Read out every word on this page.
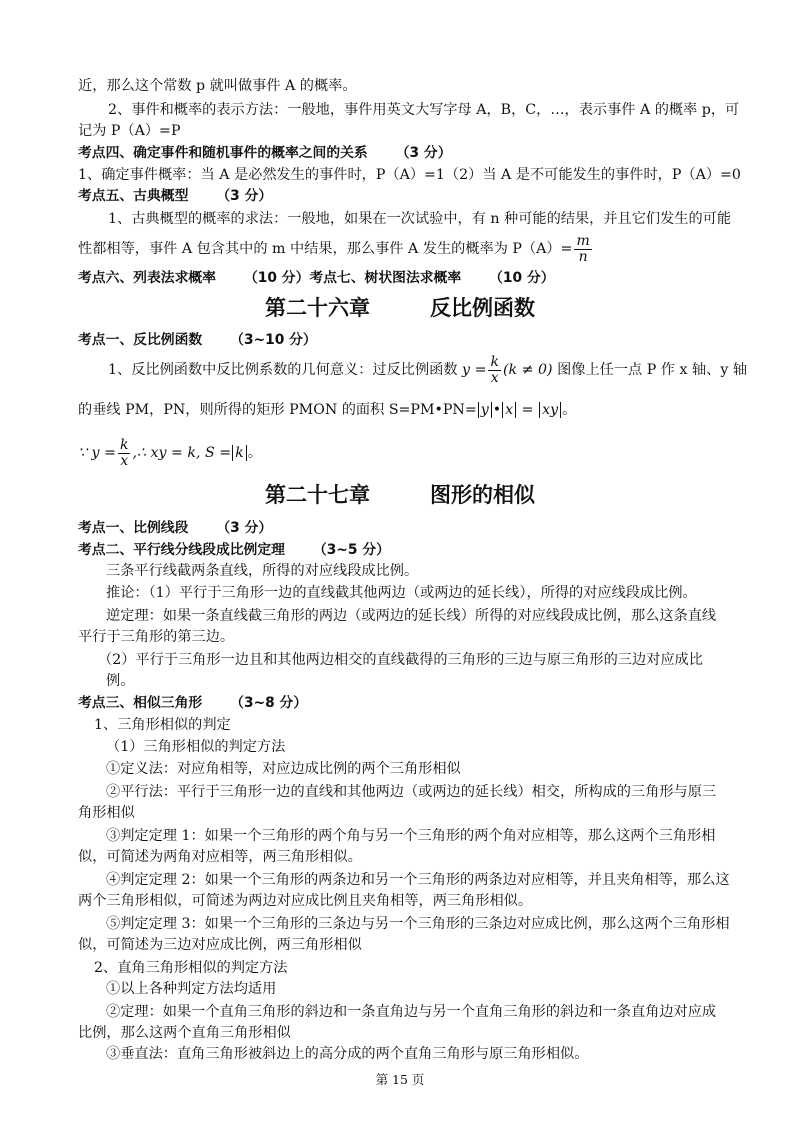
近，那么这个常数 p 就叫做事件 A 的概率。
2、事件和概率的表示方法：一般地，事件用英文大写字母 A，B，C，…，表示事件 A 的概率 p，可
记为 P（A）=P
考点四、确定事件和随机事件的概率之间的关系 （3 分）
1、确定事件概率：当 A 是必然发生的事件时，P（A）=1（2）当 A 是不可能发生的事件时，P（A）=0
考点五、古典概型 （3 分）
1、古典概型的概率的求法：一般地，如果在一次试验中，有 n 种可能的结果，并且它们发生的可能
性都相等，事件 A 包含其中的 m 中结果，那么事件 A 发生的概率为 $P(A)= \frac{m}{n}$
考点六、列表法求概率 （10 分）考点七、树状图法求概率 （10 分）
第二十六章	反比例函数
考点一、反比例函数 （3~10 分）
1、反比例函数中反比例系数的几何意义：过反比例函数 $y = \frac{k}{x} (k \ne 0)$ 图像上任一点 P 作 x 轴、y 轴
的垂线 PM，PN，则所得的矩形 PMON 的面积 S=PM•PN= y • x = xy 。
∵ $y = \frac{k}{x}$ ,∴ xy = k, S = k 。
第二十七章	图形的相似
考点一、比例线段 （3 分）
考点二、平行线分线段成比例定理 （3~5 分）
三条平行线截两条直线，所得的对应线段成比例。
推论：（1）平行于三角形一边的直线截其他两边（或两边的延长线），所得的对应线段成比例。
逆定理：如果一条直线截三角形的两边（或两边的延长线）所得的对应线段成比例，那么这条直线
平行于三角形的第三边。
（2）平行于三角形一边且和其他两边相交的直线截得的三角形的三边与原三角形的三边对应成比
例。
考点三、相似三角形 （3~8 分）
1、三角形相似的判定
（1）三角形相似的判定方法
①定义法：对应角相等，对应边成比例的两个三角形相似
②平行法：平行于三角形一边的直线和其他两边（或两边的延长线）相交，所构成的三角形与原三
角形相似
③判定定理 1：如果一个三角形的两个角与另一个三角形的两个角对应相等，那么这两个三角形相
似，可简述为两角对应相等，两三角形相似。
④判定定理 2：如果一个三角形的两条边和另一个三角形的两条边对应相等，并且夹角相等，那么这
两个三角形相似，可简述为两边对应成比例且夹角相等，两三角形相似。
⑤判定定理 3：如果一个三角形的三条边与另一个三角形的三条边对应成比例，那么这两个三角形相
似，可简述为三边对应成比例，两三角形相似
2、直角三角形相似的判定方法
①以上各种判定方法均适用
②定理：如果一个直角三角形的斜边和一条直角边与另一个直角三角形的斜边和一条直角边对应成
比例，那么这两个直角三角形相似
③垂直法：直角三角形被斜边上的高分成的两个直角三角形与原三角形相似。
第 15 页
